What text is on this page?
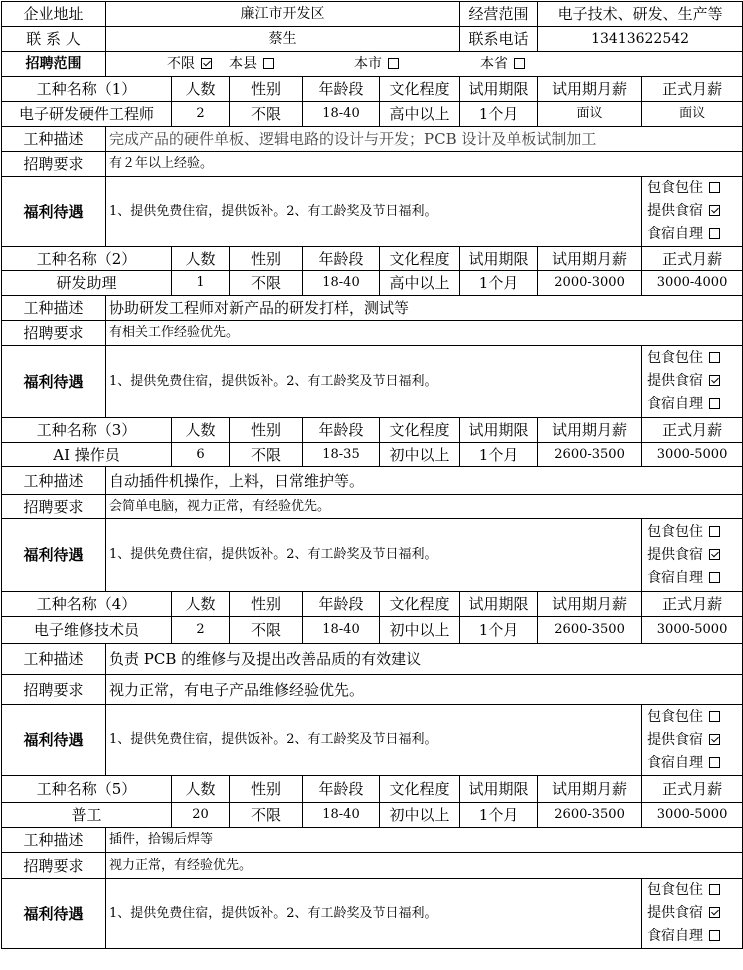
企业地址	廉江市开发区					经营范围	电子技术、研发、生产等	
联 系 人	蔡生					联系电话	13413622542	
招聘范围	不限 本县 本市 本省							

工种名称（1）		人数	性别	年龄段	文化程度	试用期限	试用期月薪	正式月薪
电子研发硬件工程师		2	不限	18-40	高中以上	1个月	面议	面议
工种描述	完成产品的硬件单板、逻辑电路的设计与开发；PCB 设计及单板试制加工							
招聘要求	有２年以上经验。							
福利待遇	1、提供免费住宿，提供饭补。2、有工龄奖及节日福利。							包食包住
提供食宿
食宿自理

工种名称（2）		人数	性别	年龄段	文化程度	试用期限	试用期月薪	正式月薪
研发助理		1	不限	18-40	高中以上	1个月	2000-3000	3000-4000
工种描述	协助研发工程师对新产品的研发打样，测试等							
招聘要求	有相关工作经验优先。							
福利待遇	1、提供免费住宿，提供饭补。2、有工龄奖及节日福利。							包食包住
提供食宿
食宿自理

工种名称（3）		人数	性别	年龄段	文化程度	试用期限	试用期月薪	正式月薪
AI 操作员		6	不限	18-35	初中以上	1个月	2600-3500	3000-5000
工种描述	自动插件机操作，上料，日常维护等。							
招聘要求	会简单电脑，视力正常，有经验优先。							
福利待遇	1、提供免费住宿，提供饭补。2、有工龄奖及节日福利。							包食包住
提供食宿
食宿自理

工种名称（4）		人数	性别	年龄段	文化程度	试用期限	试用期月薪	正式月薪
电子维修技术员		2	不限	18-40	初中以上	1个月	2600-3500	3000-5000
工种描述	负责 PCB 的维修与及提出改善品质的有效建议							
招聘要求	视力正常，有电子产品维修经验优先。							
福利待遇	1、提供免费住宿，提供饭补。2、有工龄奖及节日福利。							包食包住
提供食宿
食宿自理

工种名称（5）		人数	性别	年龄段	文化程度	试用期限	试用期月薪	正式月薪
普工		20	不限	18-40	初中以上	1个月	2600-3500	3000-5000
工种描述	插件，拾锡后焊等							
招聘要求	视力正常，有经验优先。							
福利待遇	1、提供免费住宿，提供饭补。2、有工龄奖及节日福利。							包食包住
提供食宿
食宿自理
